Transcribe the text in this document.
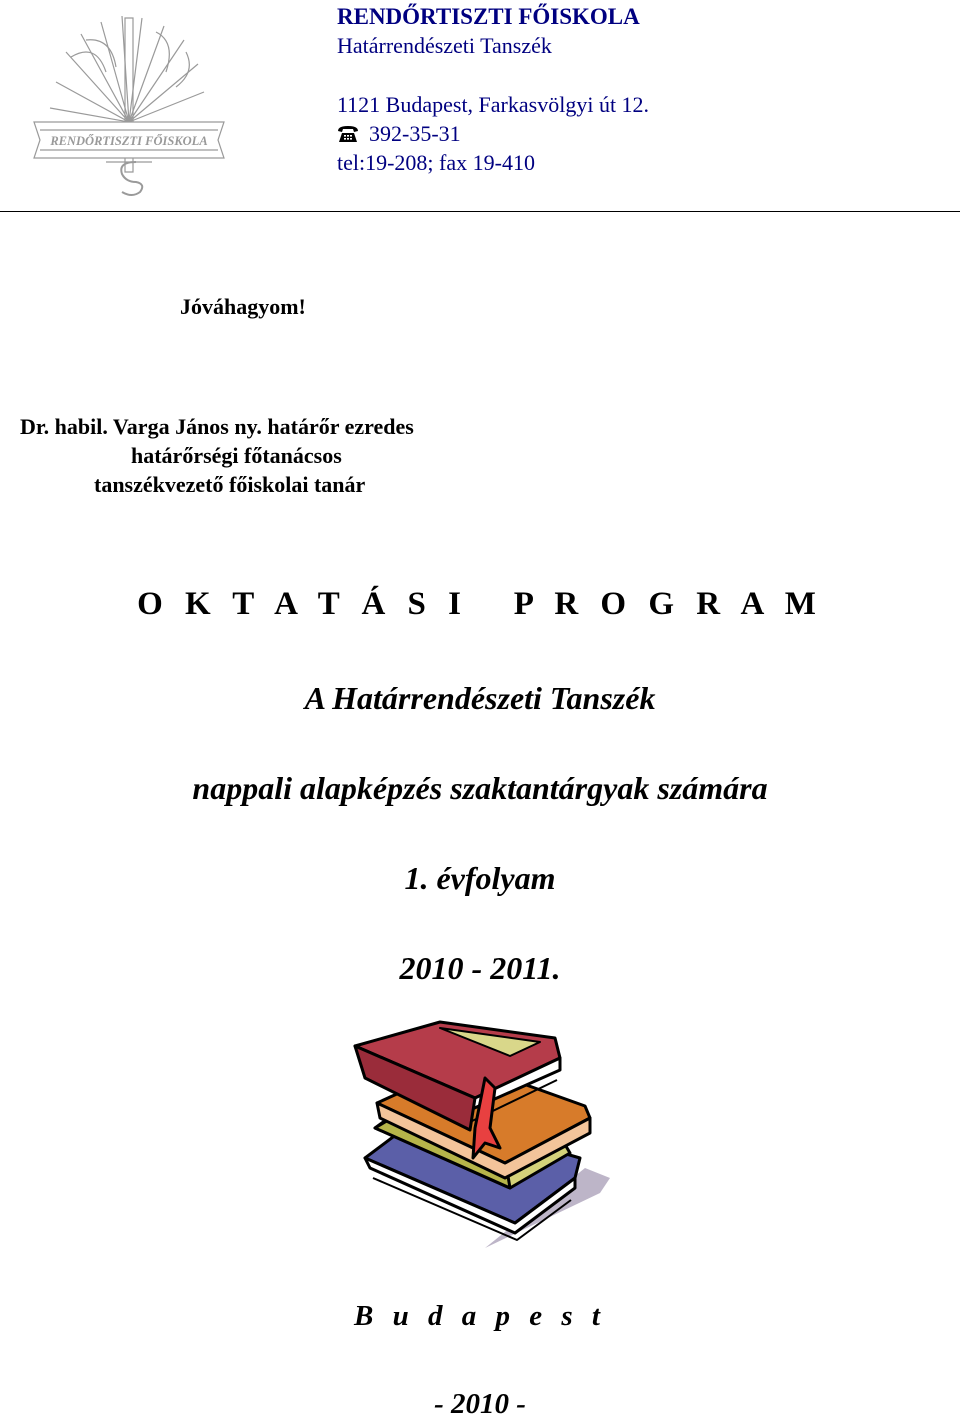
RENDŐRTISZTI FŐISKOLA
RENDŐRTISZTI FŐISKOLA
Határrendészeti Tanszék
1121 Budapest, Farkasvölgyi út 12.
392-35-31
tel:19-208; fax 19-410
Jóváhagyom!
Dr. habil. Varga János ny. határőr ezredes
határőrségi főtanácsos
tanszékvezető főiskolai tanár
O K T A T Á S I   P R O G R A M
A Határrendészeti Tanszék
nappali alapképzés szaktantárgyak számára
1. évfolyam
2010 - 2011.
B u d a p e s t
- 2010 -
